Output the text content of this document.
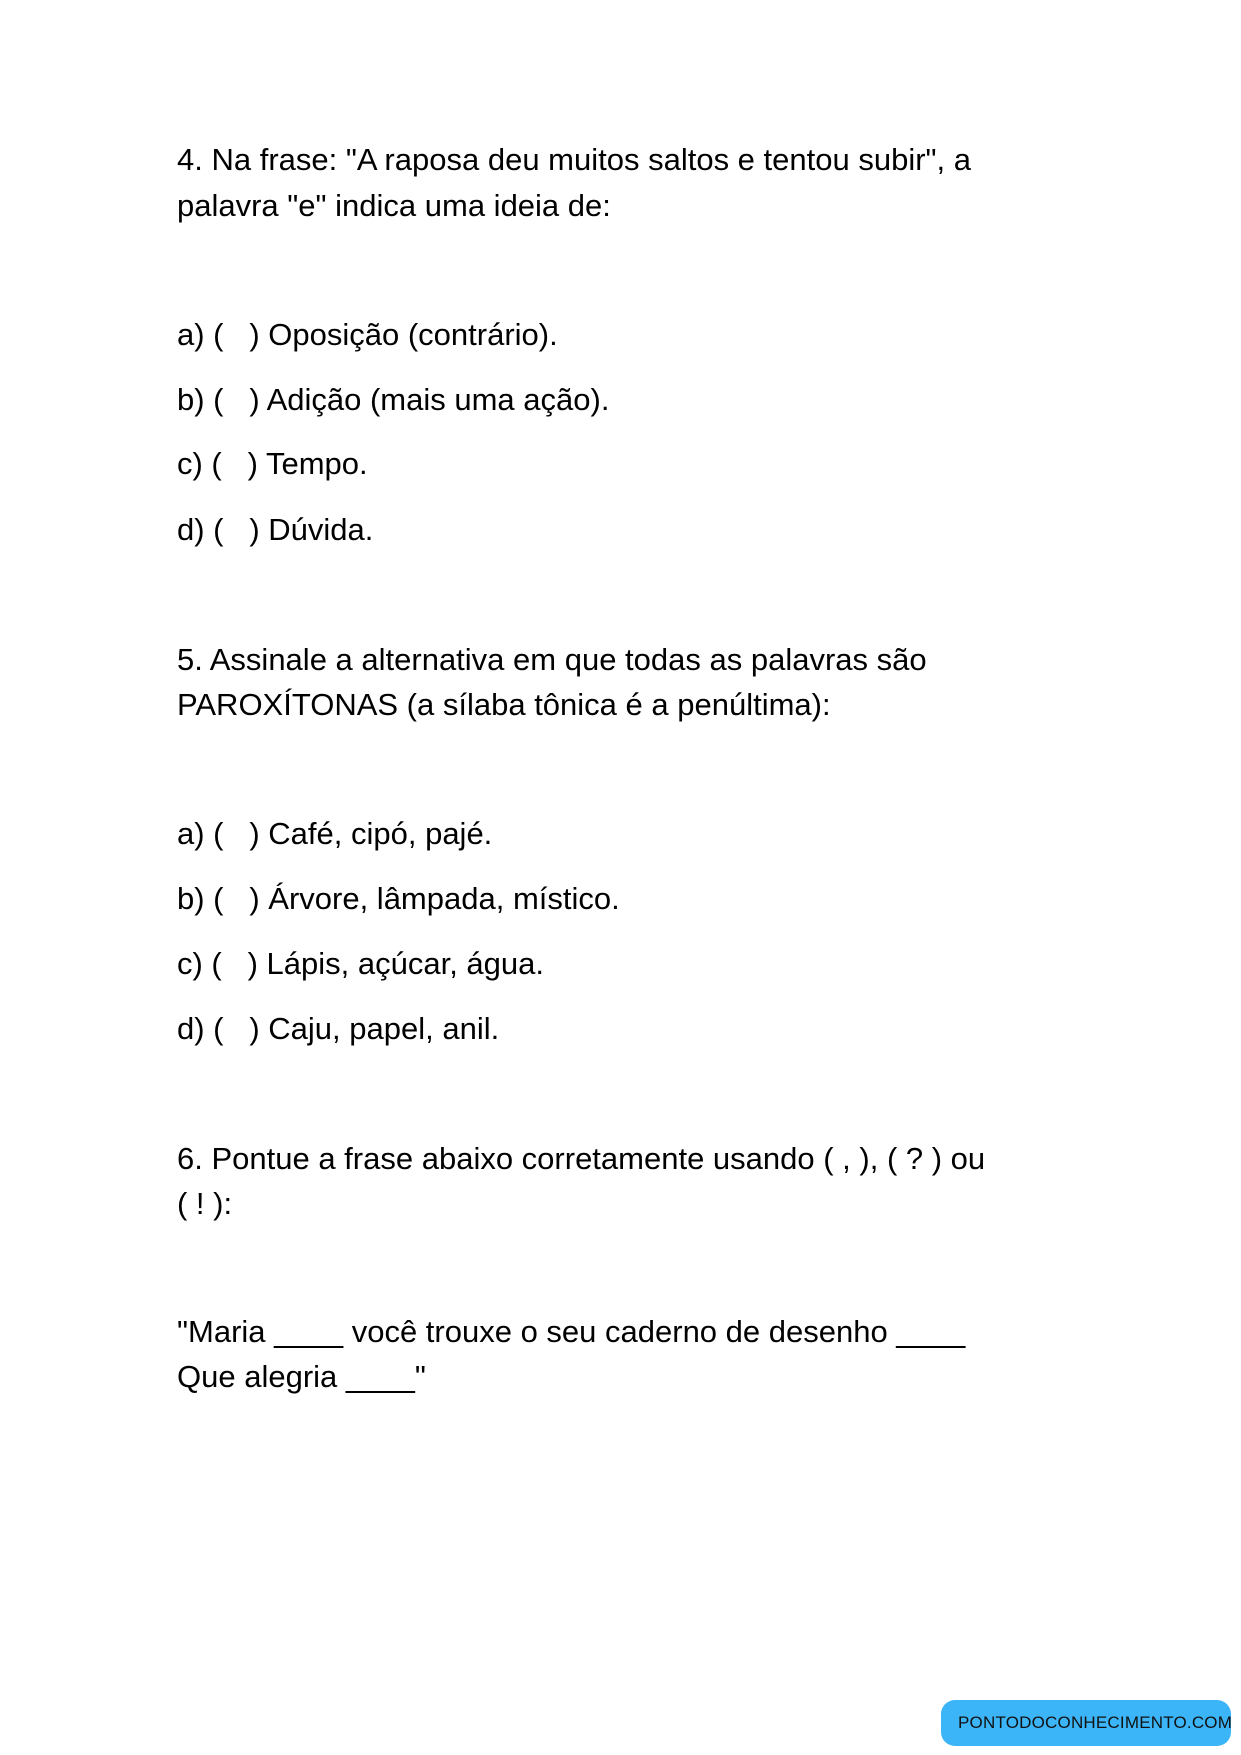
4. Na frase: "A raposa deu muitos saltos e tentou subir", a
palavra "e" indica uma ideia de:
a) (   ) Oposição (contrário).
b) (   ) Adição (mais uma ação).
c) (   ) Tempo.
d) (   ) Dúvida.
5. Assinale a alternativa em que todas as palavras são
PAROXÍTONAS (a sílaba tônica é a penúltima):
a) (   ) Café, cipó, pajé.
b) (   ) Árvore, lâmpada, místico.
c) (   ) Lápis, açúcar, água.
d) (   ) Caju, papel, anil.
6. Pontue a frase abaixo corretamente usando ( , ), ( ? ) ou
( ! ):
"Maria ____ você trouxe o seu caderno de desenho ____
Que alegria ____"
PONTODOCONHECIMENTO.COM
